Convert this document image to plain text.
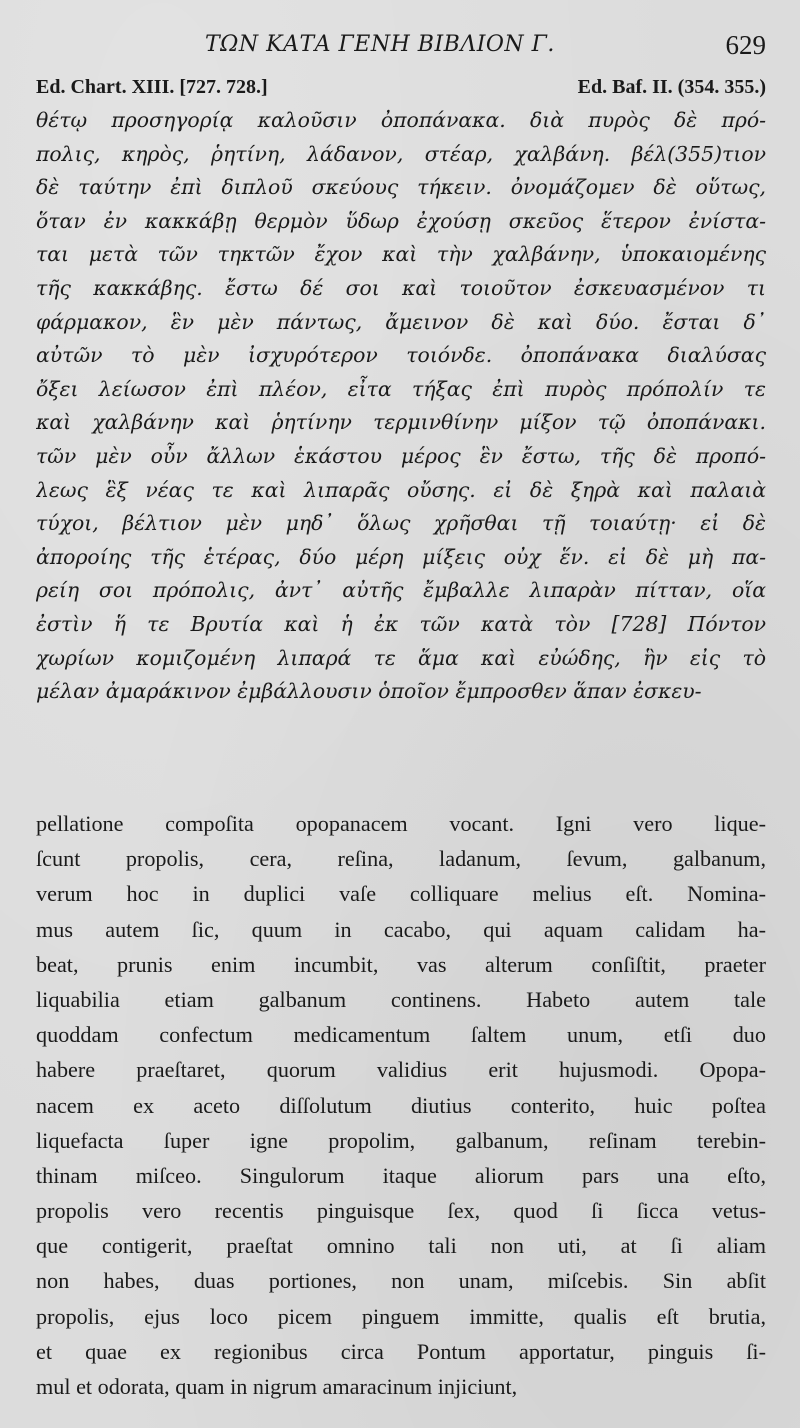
ΤΩΝ ΚΑΤΑ ΓΕΝΗ ΒΙΒΛΙΟΝ Γ.	629
Ed. Chart. XIII. [727. 728.]	Ed. Baf. II. (354. 355.)
θέτῳ προσηγορίᾳ καλοῦσιν ὀποπάνακα. διὰ πυρὸς δὲ πρό-
πολις, κηρὸς, ῥητίνη, λάδανον, στέαρ, χαλβάνη. βέλ(355)τιον
δὲ ταύτην ἐπὶ διπλοῦ σκεύους τήκειν. ὀνομάζομεν δὲ οὕτως,
ὅταν ἐν κακκάβῃ θερμὸν ὕδωρ ἐχούσῃ σκεῦος ἕτερον ἐνίστα-
ται μετὰ τῶν τηκτῶν ἔχον καὶ τὴν χαλβάνην, ὑποκαιομένης
τῆς κακκάβης. ἔστω δέ σοι καὶ τοιοῦτον ἐσκευασμένον τι
φάρμακον, ἓν μὲν πάντως, ἄμεινον δὲ καὶ δύο. ἔσται δ᾽
αὐτῶν τὸ μὲν ἰσχυρότερον τοιόνδε. ὀποπάνακα διαλύσας
ὄξει λείωσον ἐπὶ πλέον, εἶτα τήξας ἐπὶ πυρὸς πρόπολίν τε
καὶ χαλβάνην καὶ ῥητίνην τερμινθίνην μίξον τῷ ὀποπάνακι.
τῶν μὲν οὖν ἄλλων ἑκάστου μέρος ἓν ἔστω, τῆς δὲ προπό-
λεως ἓξ νέας τε καὶ λιπαρᾶς οὔσης. εἰ δὲ ξηρὰ καὶ παλαιὰ
τύχοι, βέλτιον μὲν μηδ᾽ ὅλως χρῆσθαι τῇ τοιαύτῃ· εἰ δὲ
ἀποροίης τῆς ἑτέρας, δύο μέρη μίξεις οὐχ ἕν. εἰ δὲ μὴ πα-
ρείη σοι πρόπολις, ἀντ᾽ αὐτῆς ἔμβαλλε λιπαρὰν πίτταν, οἵα
ἐστὶν ἥ τε Βρυτία καὶ ἡ ἐκ τῶν κατὰ τὸν [728] Πόντον
χωρίων κομιζομένη λιπαρά τε ἅμα καὶ εὐώδης, ἣν εἰς τὸ
μέλαν ἀμαράκινον ἐμβάλλουσιν ὁποῖον ἔμπροσθεν ἅπαν ἐσκευ-
pellatione compoſita opopanacem vocant. Igni vero lique-
ſcunt propolis, cera, reſina, ladanum, ſevum, galbanum,
verum hoc in duplici vaſe colliquare melius eſt. Nomina-
mus autem ſic, quum in cacabo, qui aquam calidam ha-
beat, prunis enim incumbit, vas alterum conſiſtit, praeter
liquabilia etiam galbanum continens. Habeto autem tale
quoddam confectum medicamentum ſaltem unum, etſi duo
habere praeſtaret, quorum validius erit hujusmodi. Opopa-
nacem ex aceto diſſolutum diutius conterito, huic poſtea
liquefacta ſuper igne propolim, galbanum, reſinam terebin-
thinam miſceo. Singulorum itaque aliorum pars una eſto,
propolis vero recentis pinguisque ſex, quod ſi ſicca vetus-
que contigerit, praeſtat omnino tali non uti, at ſi aliam
non habes, duas portiones, non unam, miſcebis. Sin abſit
propolis, ejus loco picem pinguem immitte, qualis eſt brutia,
et quae ex regionibus circa Pontum apportatur, pinguis ſi-
mul et odorata, quam in nigrum amaracinum injiciunt,
